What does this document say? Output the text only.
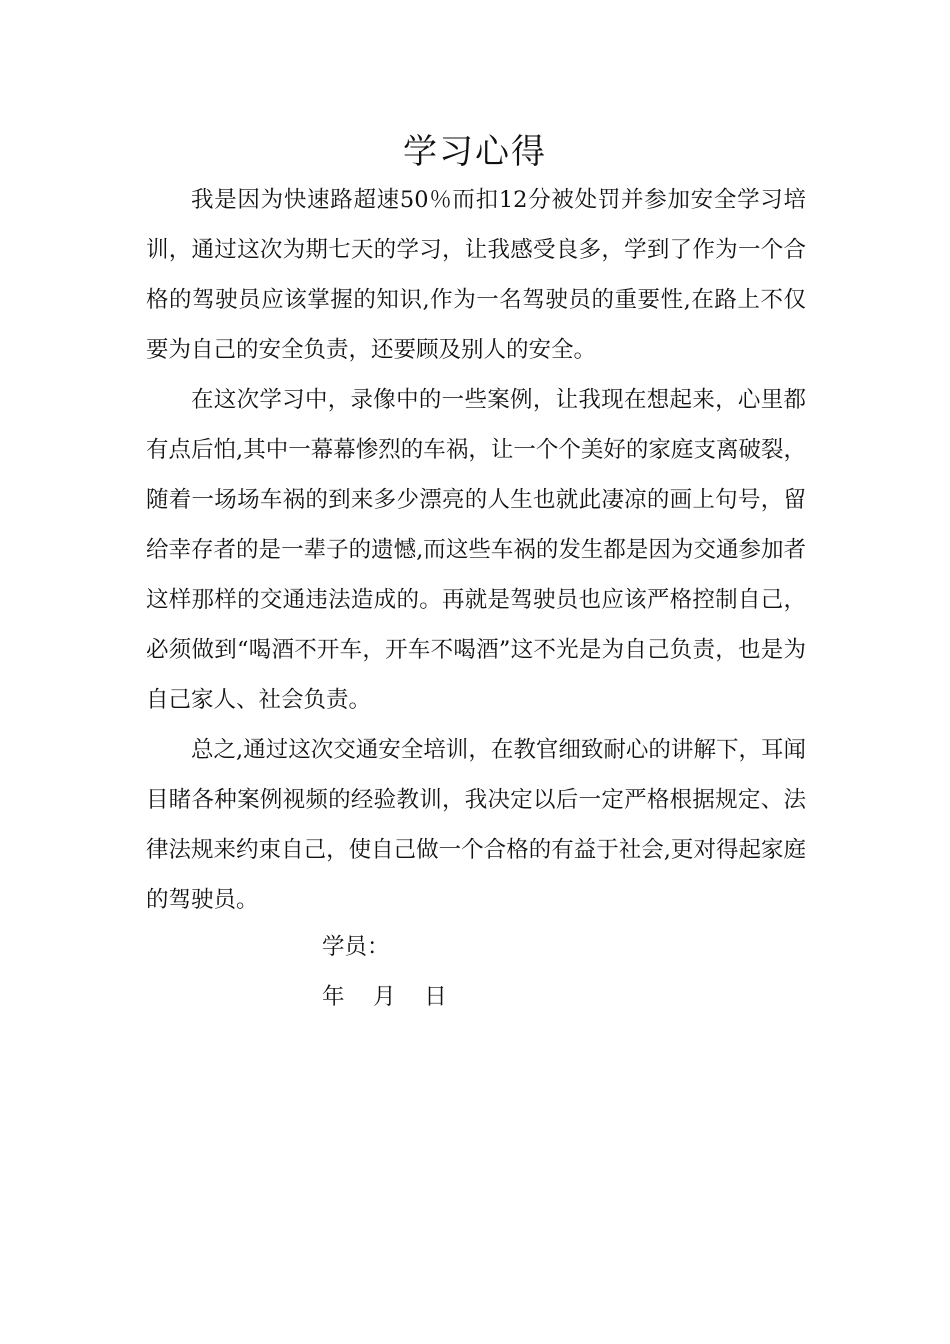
学习心得

我是因为快速路超速50％而扣12分被处罚并参加安全学习培训，通过这次为期七天的学习，让我感受良多，学到了作为一个合格的驾驶员应该掌握的知识,作为一名驾驶员的重要性,在路上不仅要为自己的安全负责，还要顾及别人的安全。

在这次学习中，录像中的一些案例，让我现在想起来，心里都有点后怕,其中一幕幕惨烈的车祸，让一个个美好的家庭支离破裂，随着一场场车祸的到来多少漂亮的人生也就此凄凉的画上句号，留给幸存者的是一辈子的遗憾,而这些车祸的发生都是因为交通参加者这样那样的交通违法造成的。再就是驾驶员也应该严格控制自己，必须做到“喝酒不开车，开车不喝酒”这不光是为自己负责，也是为自己家人、社会负责。

总之,通过这次交通安全培训，在教官细致耐心的讲解下，耳闻目睹各种案例视频的经验教训，我决定以后一定严格根据规定、法律法规来约束自己，使自己做一个合格的有益于社会,更对得起家庭的驾驶员。

学员：
年    月    日
